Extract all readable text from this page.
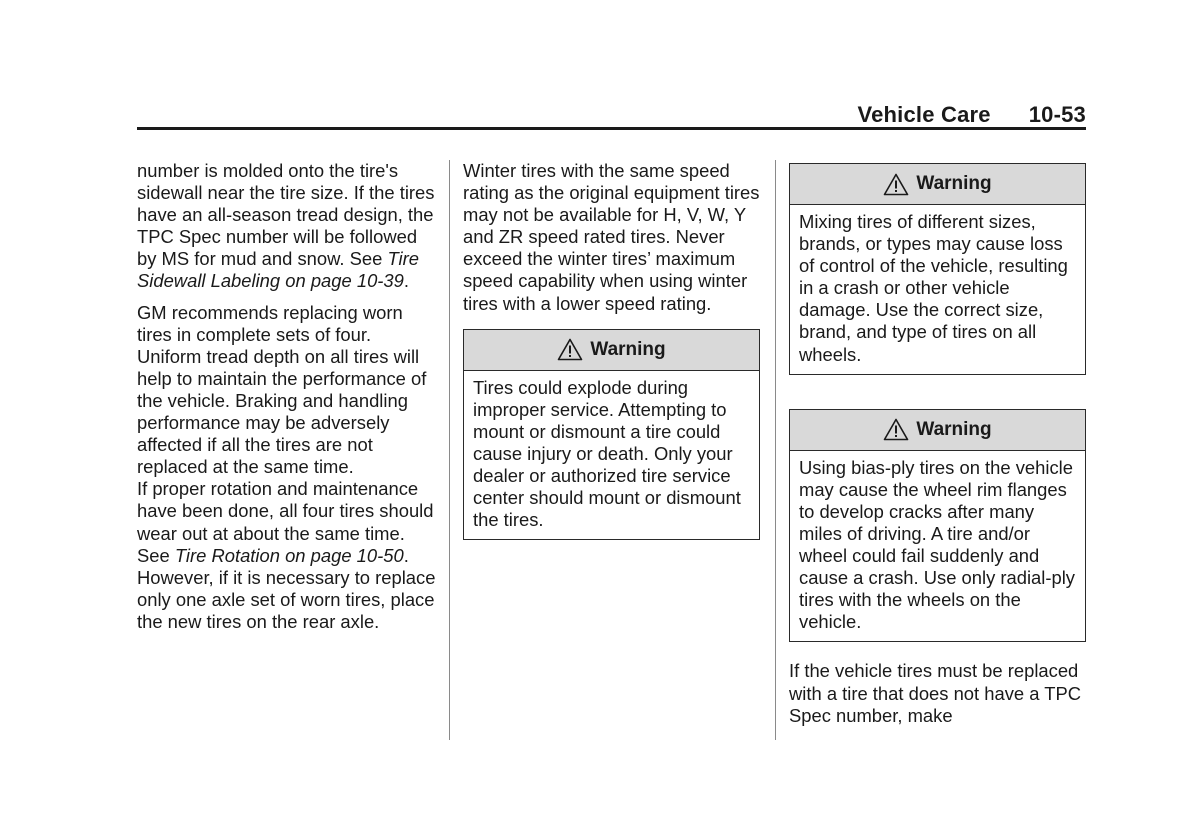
Vehicle Care 10-53

number is molded onto the tire's sidewall near the tire size. If the tires have an all-season tread design, the TPC Spec number will be followed by MS for mud and snow. See Tire Sidewall Labeling on page 10-39.

GM recommends replacing worn tires in complete sets of four. Uniform tread depth on all tires will help to maintain the performance of the vehicle. Braking and handling performance may be adversely affected if all the tires are not replaced at the same time.
If proper rotation and maintenance have been done, all four tires should wear out at about the same time. See Tire Rotation on page 10-50.
However, if it is necessary to replace only one axle set of worn tires, place the new tires on the rear axle.

Winter tires with the same speed rating as the original equipment tires may not be available for H, V, W, Y and ZR speed rated tires. Never exceed the winter tires’ maximum speed capability when using winter tires with a lower speed rating.

Warning
Tires could explode during improper service. Attempting to mount or dismount a tire could cause injury or death. Only your dealer or authorized tire service center should mount or dismount the tires.
Warning
Mixing tires of different sizes, brands, or types may cause loss of control of the vehicle, resulting in a crash or other vehicle damage. Use the correct size, brand, and type of tires on all wheels.
Warning
Using bias-ply tires on the vehicle may cause the wheel rim flanges to develop cracks after many miles of driving. A tire and/or wheel could fail suddenly and cause a crash. Use only radial-ply tires with the wheels on the vehicle.

If the vehicle tires must be replaced with a tire that does not have a TPC Spec number, make
